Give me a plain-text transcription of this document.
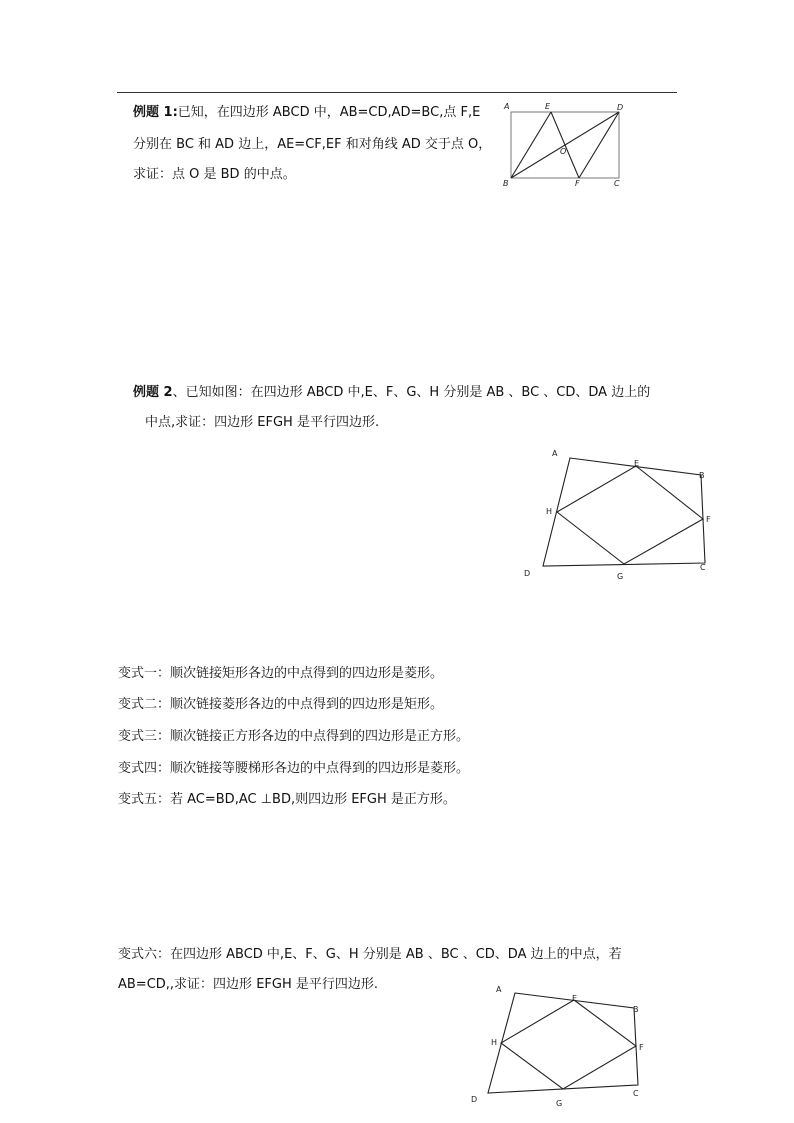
例题 1:已知，在四边形 ABCD 中，AB=CD,AD=BC,点 F,E
分别在 BC 和 AD 边上，AE=CF,EF 和对角线 AD 交于点 O，
求证：点 O 是 BD 的中点。
A	E	D
O
B	F	C
例题 2、已知如图：在四边形 ABCD 中,E、F、G、H 分别是 AB 、BC 、CD、DA 边上的
中点,求证：四边形 EFGH 是平行四边形.
A
E
B
H
F
D	G
C
变式一：顺次链接矩形各边的中点得到的四边形是菱形。
变式二：顺次链接菱形各边的中点得到的四边形是矩形。
变式三：顺次链接正方形各边的中点得到的四边形是正方形。
变式四：顺次链接等腰梯形各边的中点得到的四边形是菱形。
变式五：若 AC=BD,AC ⊥BD,则四边形 EFGH 是正方形。
变式六：在四边形 ABCD 中,E、F、G、H 分别是 AB 、BC 、CD、DA 边上的中点，若
AB=CD,,求证：四边形 EFGH 是平行四边形.	A
E
B
H
F
D	G
C
